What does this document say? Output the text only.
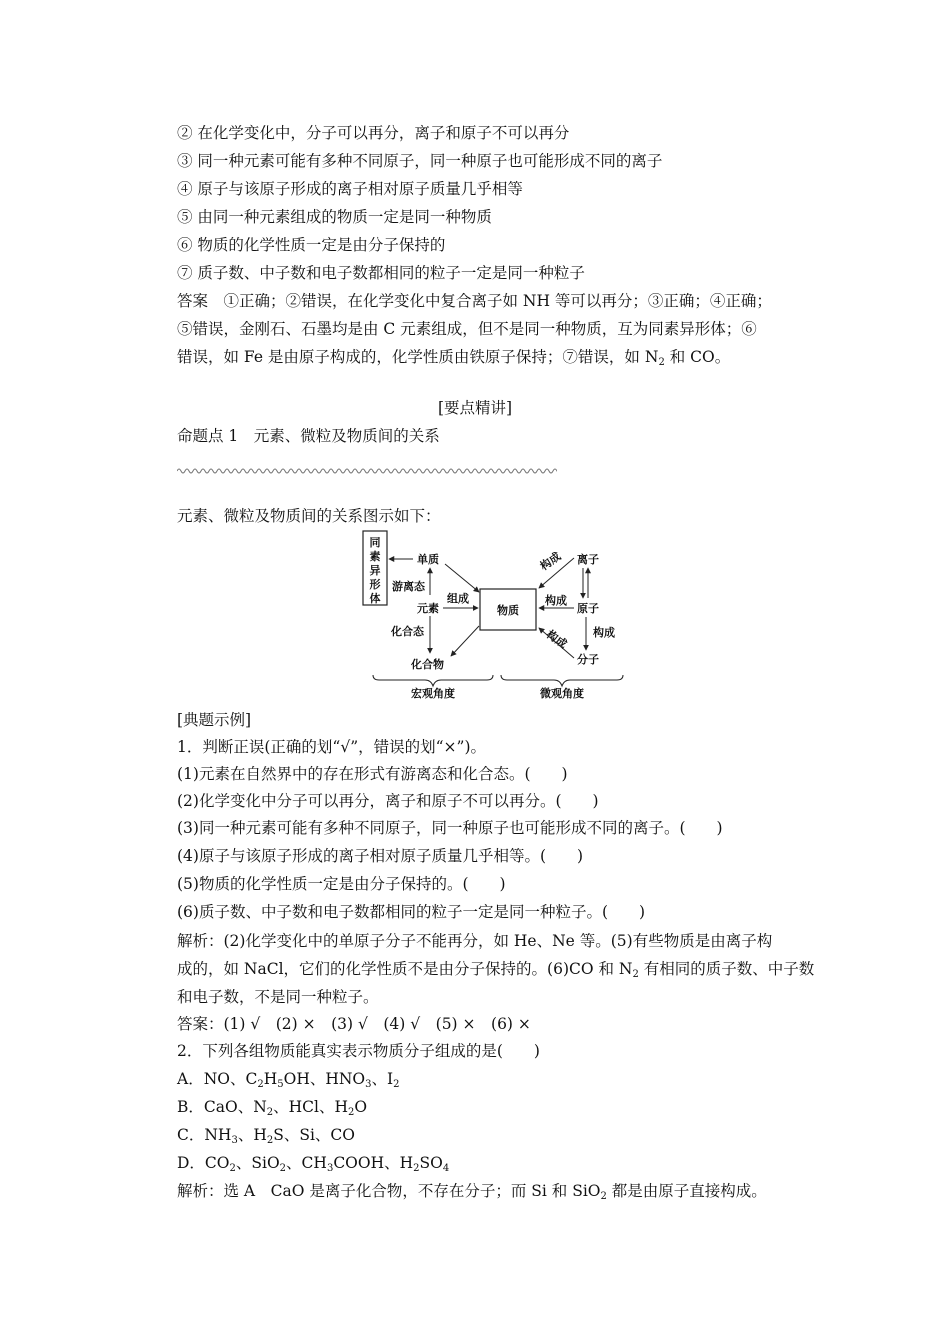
② 在化学变化中，分子可以再分，离子和原子不可以再分
③ 同一种元素可能有多种不同原子，同一种原子也可能形成不同的离子
④ 原子与该原子形成的离子相对原子质量几乎相等
⑤ 由同一种元素组成的物质一定是同一种物质
⑥ 物质的化学性质一定是由分子保持的
⑦ 质子数、中子数和电子数都相同的粒子一定是同一种粒子
答案　①正确；②错误，在化学变化中复合离子如 NH 等可以再分；③正确；④正确；
⑤错误，金刚石、石墨均是由 C 元素组成，但不是同一种物质，互为同素异形体；⑥
错误，如 Fe 是由原子构成的，化学性质由铁原子保持；⑦错误，如 $N_2$ 和 CO。
[要点精讲]
命题点 1　元素、微粒及物质间的关系
元素、微粒及物质间的关系图示如下：
同
素
异
形
体
单质
游离态
元素
组成
化合态
化合物
物质
离子
原子
分子
构成
构成
构成 构成
宏观角度	微观角度
[典题示例]
1．判断正误(正确的划“√”，错误的划“×”)。
(1)元素在自然界中的存在形式有游离态和化合态。(　　)
(2)化学变化中分子可以再分，离子和原子不可以再分。(　　)
(3)同一种元素可能有多种不同原子，同一种原子也可能形成不同的离子。(　　)
(4)原子与该原子形成的离子相对原子质量几乎相等。(　　)
(5)物质的化学性质一定是由分子保持的。(　　)
(6)质子数、中子数和电子数都相同的粒子一定是同一种粒子。(　　)
解析：(2)化学变化中的单原子分子不能再分，如 He、Ne 等。(5)有些物质是由离子构
成的，如 NaCl，它们的化学性质不是由分子保持的。(6)CO 和 $N_2$ 有相同的质子数、中子数
和电子数，不是同一种粒子。
答案：(1) √　(2) ×　(3) √　(4) √　(5) ×　(6) ×
2．下列各组物质能真实表示物质分子组成的是(　　)
A．NO、$C_2H_5OH$、$HNO_3$、$I_2$
B．CaO、$N_2$、HCl、$H_2O$
C．$NH_3$、$H_2S$、Si、CO
D．$CO_2$、SiO$_2$、$CH_3COOH$、$H_2SO_4$
解析：选 A　CaO 是离子化合物，不存在分子；而 Si 和 SiO$_2$ 都是由原子直接构成。
